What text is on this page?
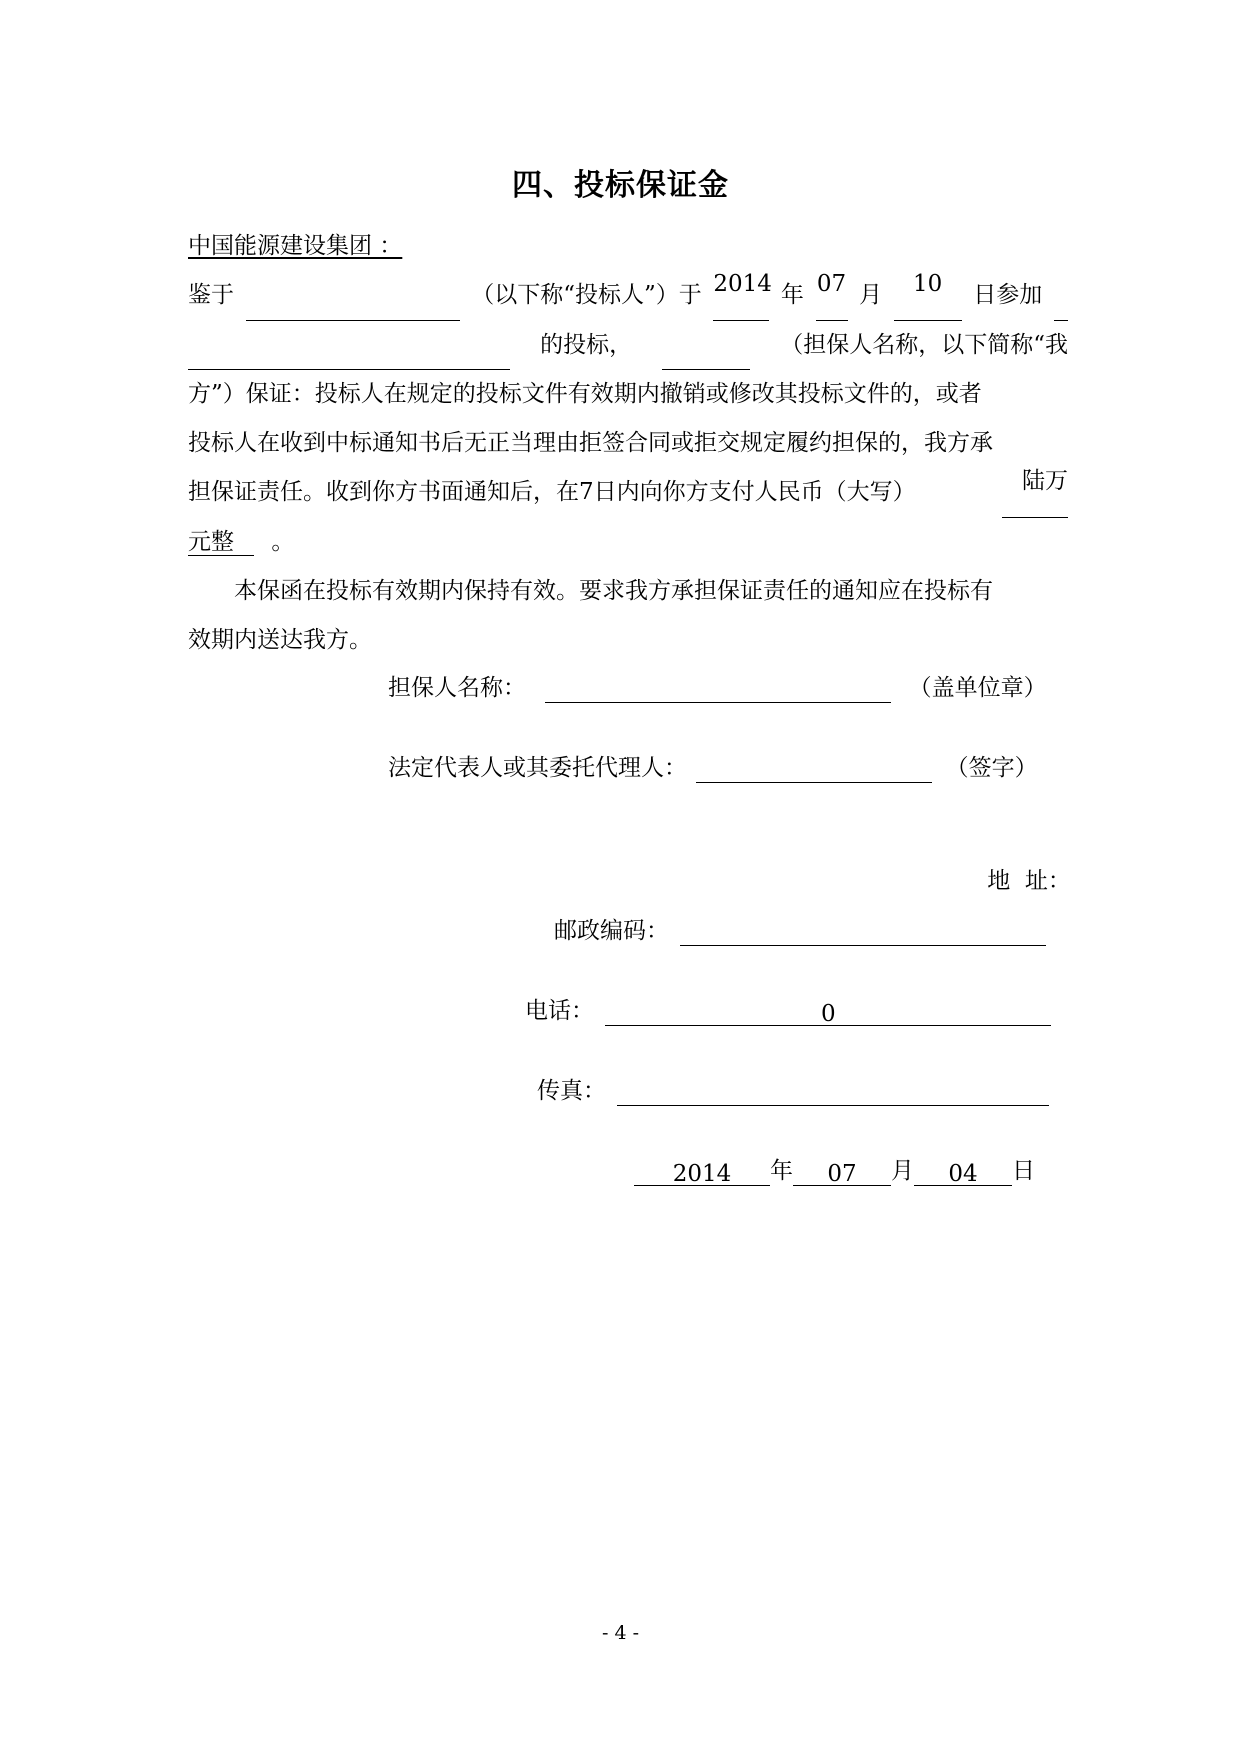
四、投标保证金
中国能源建设集团 ：
鉴于	（以下称“投标人”）于 2014 年 07 月	10	日参加
的投标，	（担保人名称，以下简称“我
方”）保证：投标人在规定的投标文件有效期内撤销或修改其投标文件的，或者
投标人在收到中标通知书后无正当理由拒签合同或拒交规定履约担保的，我方承
担保证责任。收到你方书面通知后，在7日内向你方支付人民币（大写）	陆万
元整 。
本保函在投标有效期内保持有效。要求我方承担保证责任的通知应在投标有
效期内送达我方。
担保人名称：	（盖单位章）
法定代表人或其委托代理人：	（签字）

地  址：

邮政编码：
电话：	0
传真：
2014 年 07 月 04 日
- 4 -
